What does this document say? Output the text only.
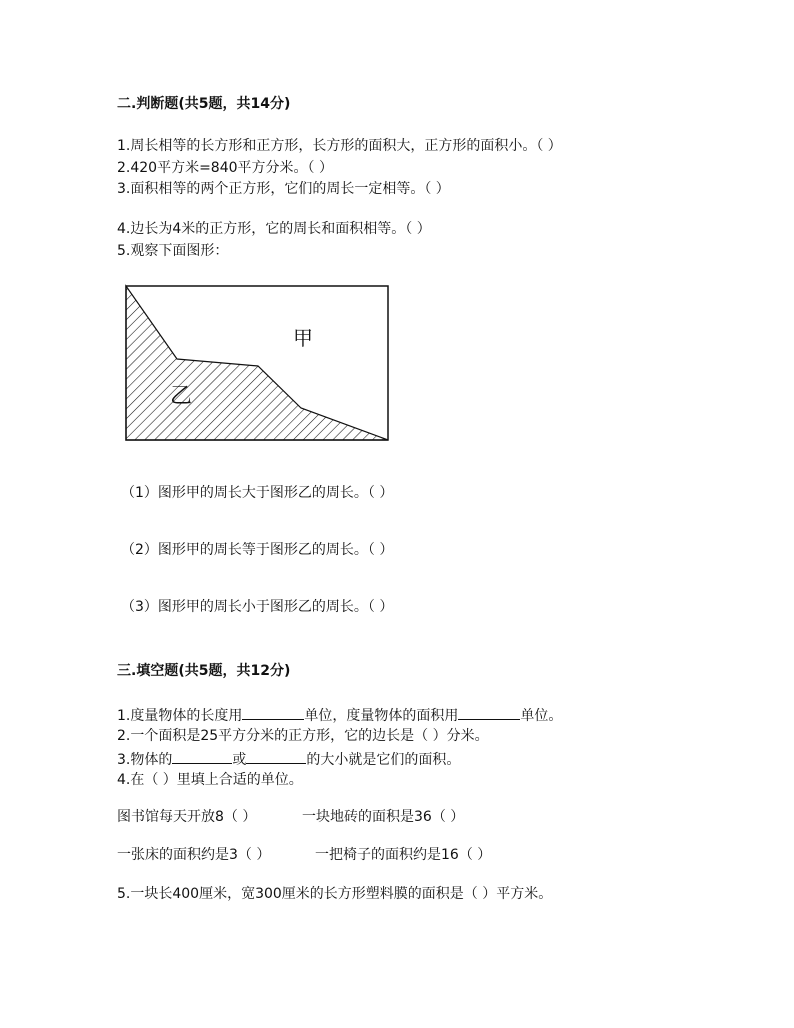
二.判断题(共5题，共14分)
1.周长相等的长方形和正方形，长方形的面积大，正方形的面积小。（ ）
2.420平方米=840平方分米。（ ）
3.面积相等的两个正方形，它们的周长一定相等。（ ）
4.边长为4米的正方形，它的周长和面积相等。（ ）
5.观察下面图形：
甲
乙
（1）图形甲的周长大于图形乙的周长。（ ）
（2）图形甲的周长等于图形乙的周长。（ ）
（3）图形甲的周长小于图形乙的周长。（ ）
三.填空题(共5题，共12分)
1.度量物体的长度用	单位，度量物体的面积用	单位。
2.一个面积是25平方分米的正方形，它的边长是（ ）分米。
3.物体的	或	的大小就是它们的面积。
4.在（ ）里填上合适的单位。
图书馆每天开放8（ ）	一块地砖的面积是36（ ）
一张床的面积约是3（ ）	一把椅子的面积约是16（ ）
5.一块长400厘米，宽300厘米的长方形塑料膜的面积是（ ）平方米。
